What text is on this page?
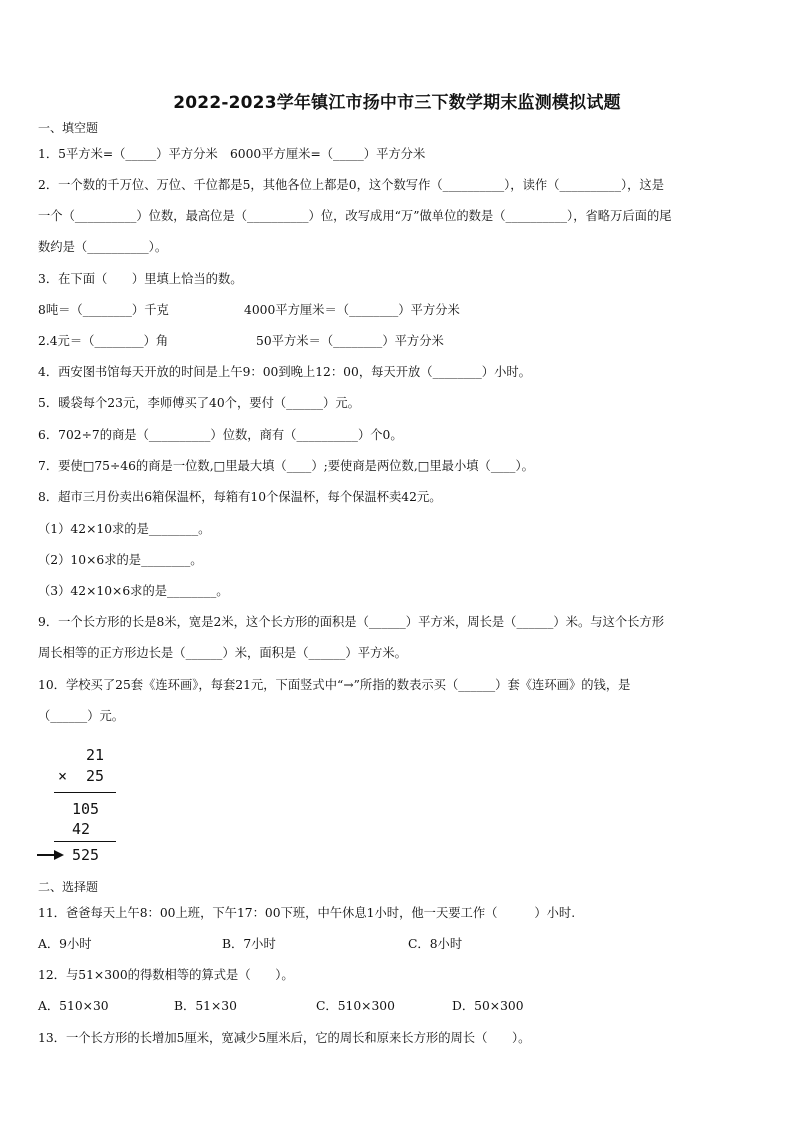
2022-2023学年镇江市扬中市三下数学期末监测模拟试题
一、填空题
1．5平方米=（_____）平方分米　6000平方厘米=（_____）平方分米
2．一个数的千万位、万位、千位都是5，其他各位上都是0，这个数写作（__________），读作（__________），这是
一个（__________）位数，最高位是（__________）位，改写成用“万”做单位的数是（__________），省略万后面的尾
数约是（__________）。
3．在下面（　　）里填上恰当的数。
8吨＝（________）千克	4000平方厘米＝（________）平方分米
2.4元＝（________）角	50平方米＝（________）平方分米
4．西安图书馆每天开放的时间是上午9：00到晚上12：00，每天开放（________）小时。
5．暖袋每个23元，李师傅买了40个，要付（______）元。
6．702÷7的商是（__________）位数，商有（__________）个0。
7．要使□75÷46的商是一位数,□里最大填（____）;要使商是两位数,□里最小填（____）。
8．超市三月份卖出6箱保温杯，每箱有10个保温杯，每个保温杯卖42元。
（1）42×10求的是________。
（2）10×6求的是________。
（3）42×10×6求的是________。
9．一个长方形的长是8米，宽是2米，这个长方形的面积是（______）平方米，周长是（______）米。与这个长方形
周长相等的正方形边长是（______）米，面积是（______）平方米。
10．学校买了25套《连环画》，每套21元，下面竖式中“→”所指的数表示买（______）套《连环画》的钱，是
（______）元。
21
× 25
105
42
525
二、选择题
11．爸爸每天上午8：00上班，下午17：00下班，中午休息1小时，他一天要工作（　　　）小时.
A．9小时	B．7小时	C．8小时
12．与51×300的得数相等的算式是（　　）。
A．510×30	B．51×30	C．510×300	D．50×300
13．一个长方形的长增加5厘米，宽减少5厘米后，它的周长和原来长方形的周长（　　）。
